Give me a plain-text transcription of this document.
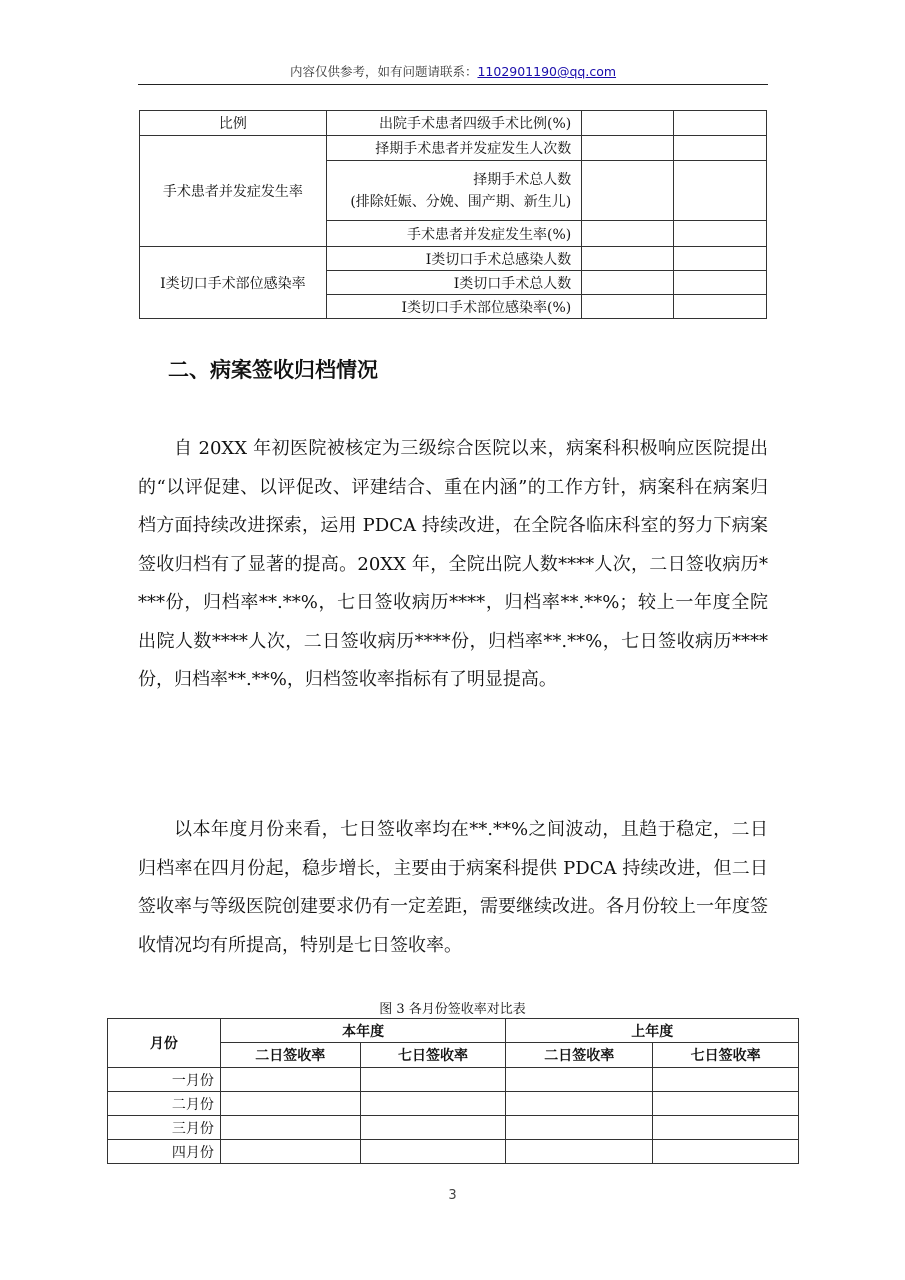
内容仅供参考，如有问题请联系：1102901190@qq.com
比例	出院手术患者四级手术比例(%)		
手术患者并发症发生率	择期手术患者并发症发生人次数		

	择期手术总人数
(排除妊娠、分娩、围产期、新生儿)		

	手术患者并发症发生率(%)		
Ⅰ类切口手术部位感染率	Ⅰ类切口手术总感染人数		
	Ⅰ类切口手术总人数		
	Ⅰ类切口手术部位感染率(%)		
二、病案签收归档情况

自 20XX 年初医院被核定为三级综合医院以来，病案科积极响应医院提出的“以评促建、以评促改、评建结合、重在内涵”的工作方针，病案科在病案归档方面持续改进探索，运用 PDCA 持续改进，在全院各临床科室的努力下病案签收归档有了显著的提高。20XX 年，全院出院人数****人次，二日签收病历****份，归档率**.**%，七日签收病历****，归档率**.**%；较上一年度全院出院人数****人次，二日签收病历****份，归档率**.**%，七日签收病历****份，归档率**.**%，归档签收率指标有了明显提高。

以本年度月份来看，七日签收率均在**.**%之间波动，且趋于稳定，二日归档率在四月份起，稳步增长，主要由于病案科提供 PDCA 持续改进，但二日签收率与等级医院创建要求仍有一定差距，需要继续改进。各月份较上一年度签收情况均有所提高，特别是七日签收率。

图 3 各月份签收率对比表
月份	本年度		上年度	
	二日签收率	七日签收率	二日签收率	七日签收率
一月份				
二月份				
三月份				
四月份				
3
